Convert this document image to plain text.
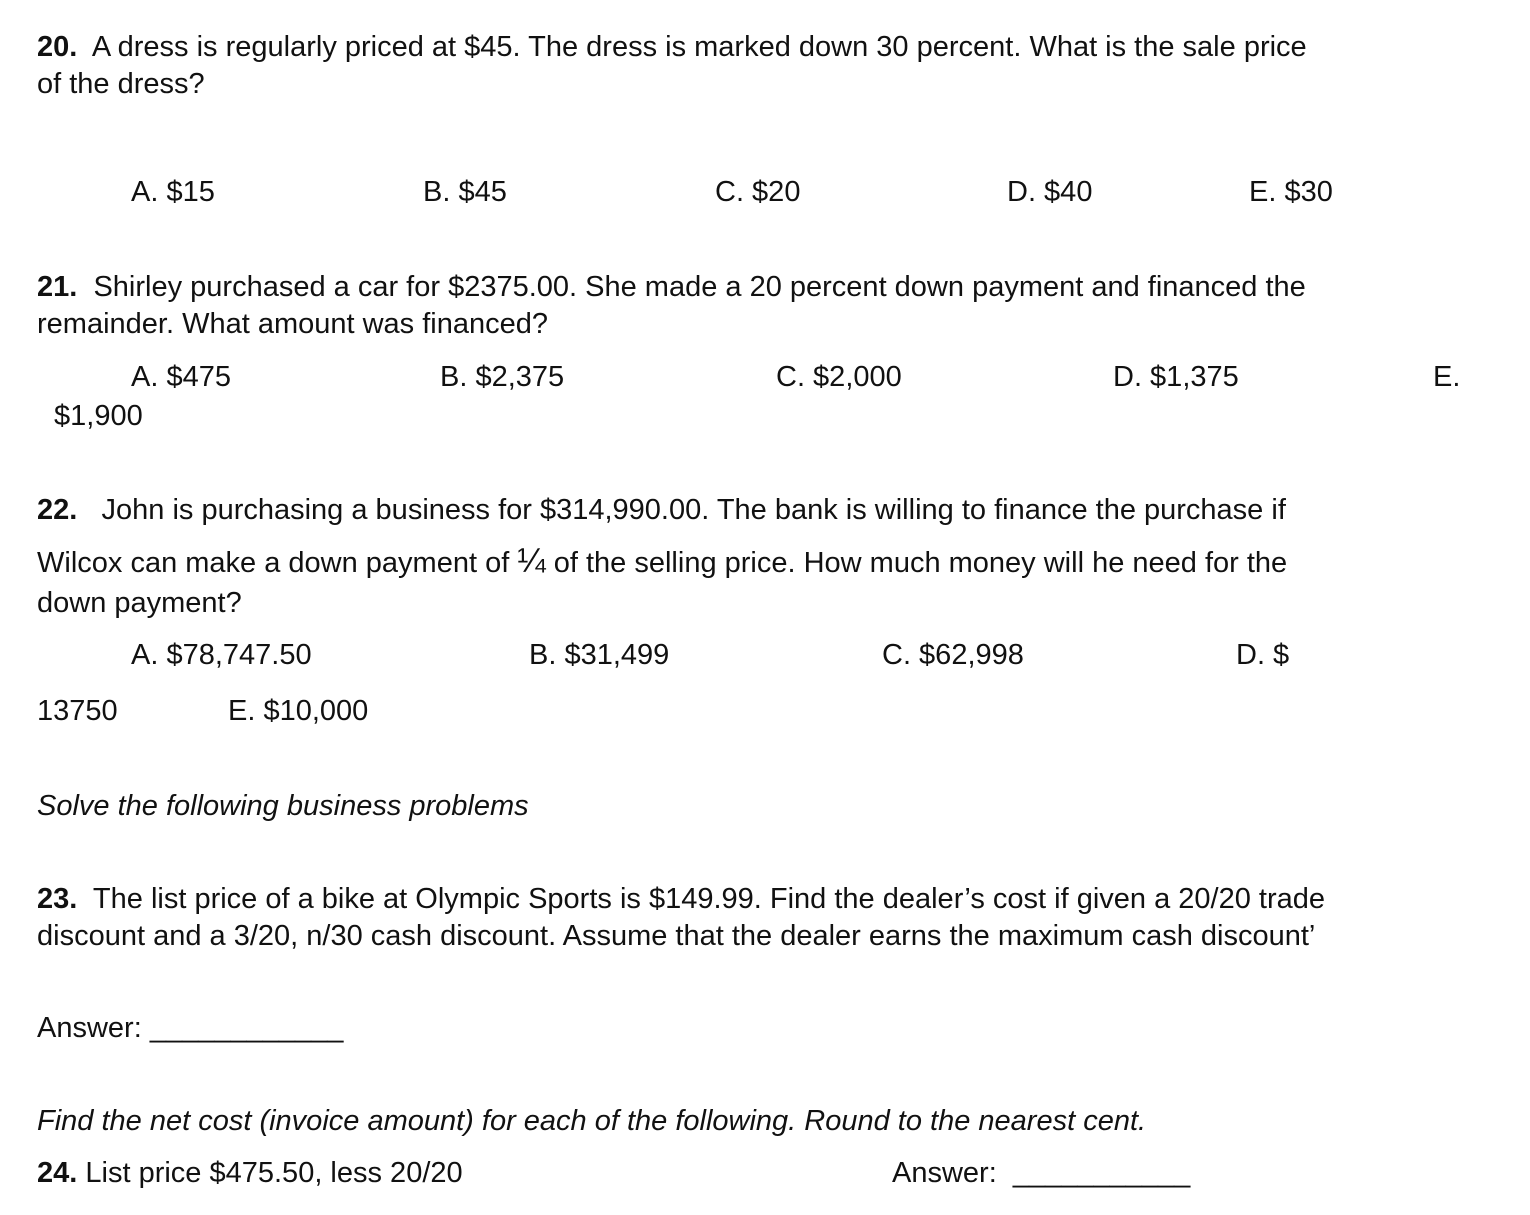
20. A dress is regularly priced at $45. The dress is marked down 30 percent. What is the sale price
of the dress?
A. $15	B. $45	C. $20	D. $40	E. $30
21. Shirley purchased a car for $2375.00. She made a 20 percent down payment and financed the
remainder. What amount was financed?
A. $475	B. $2,375	C. $2,000	D. $1,375	E.
$1,900
22. John is purchasing a business for $314,990.00. The bank is willing to finance the purchase if
Wilcox can make a down payment of ¼ of the selling price. How much money will he need for the
down payment?
A. $78,747.50	B. $31,499	C. $62,998	D. $
13750	E. $10,000
Solve the following business problems
23. The list price of a bike at Olympic Sports is $149.99. Find the dealer’s cost if given a 20/20 trade
discount and a 3/20, n/30 cash discount. Assume that the dealer earns the maximum cash discount’
Answer: ____________
Find the net cost (invoice amount) for each of the following. Round to the nearest cent.
24. List price $475.50, less 20/20	Answer: ___________
